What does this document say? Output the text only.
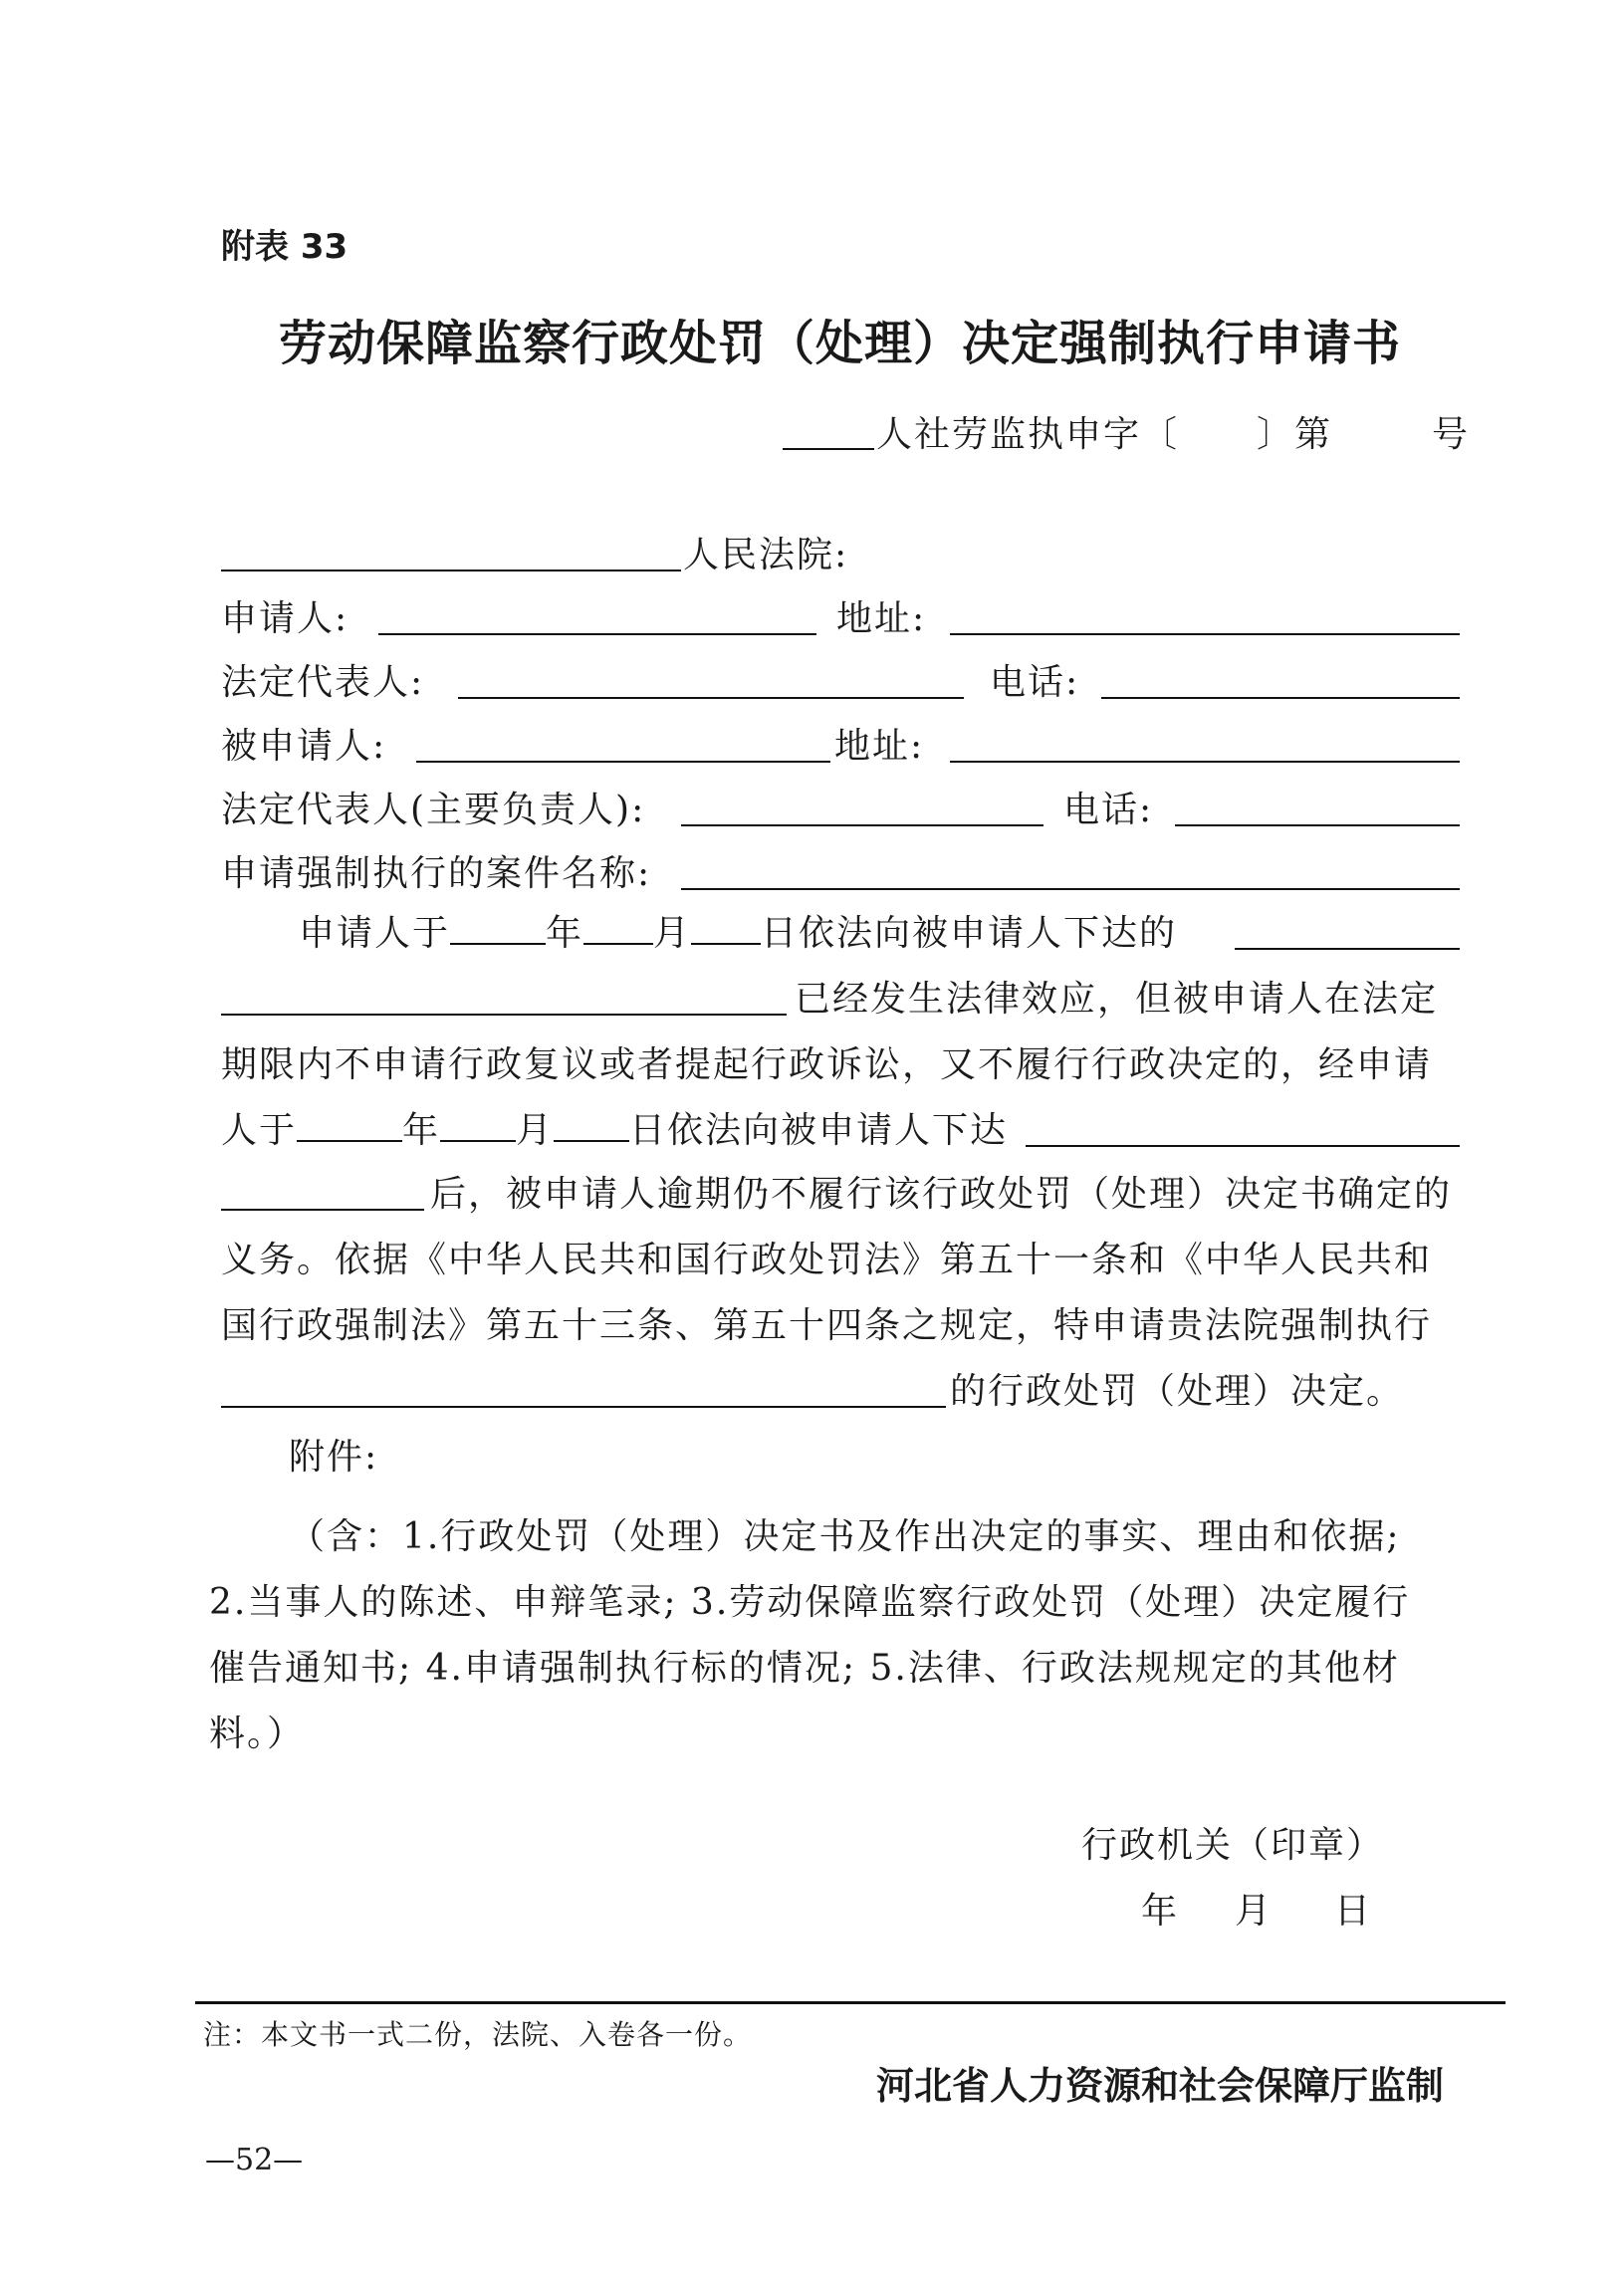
附表 33
劳动保障监察行政处罚（处理）决定强制执行申请书
人社劳监执申字〔 〕第	号
人民法院:
申请人:	地址:
法定代表人:	电话:
被申请人:	地址:
法定代表人(主要负责人):	电话:
申请强制执行的案件名称:
申请人于	年 月 日依法向被申请人下达的
已经发生法律效应，但被申请人在法定
期限内不申请行政复议或者提起行政诉讼，又不履行行政决定的，经申请
人于	年 月 日依法向被申请人下达
后，被申请人逾期仍不履行该行政处罚（处理）决定书确定的
义务。依据《中华人民共和国行政处罚法》第五十一条和《中华人民共和
国行政强制法》第五十三条、第五十四条之规定，特申请贵法院强制执行
的行政处罚（处理）决定。
附件:
（含：1.行政处罚（处理）决定书及作出决定的事实、理由和依据;
2.当事人的陈述、申辩笔录; 3.劳动保障监察行政处罚（处理）决定履行
催告通知书; 4.申请强制执行标的情况; 5.法律、行政法规规定的其他材
料。）
行政机关（印章）
年 月 日
注：本文书一式二份，法院、入卷各一份。
河北省人力资源和社会保障厅监制
—52—
